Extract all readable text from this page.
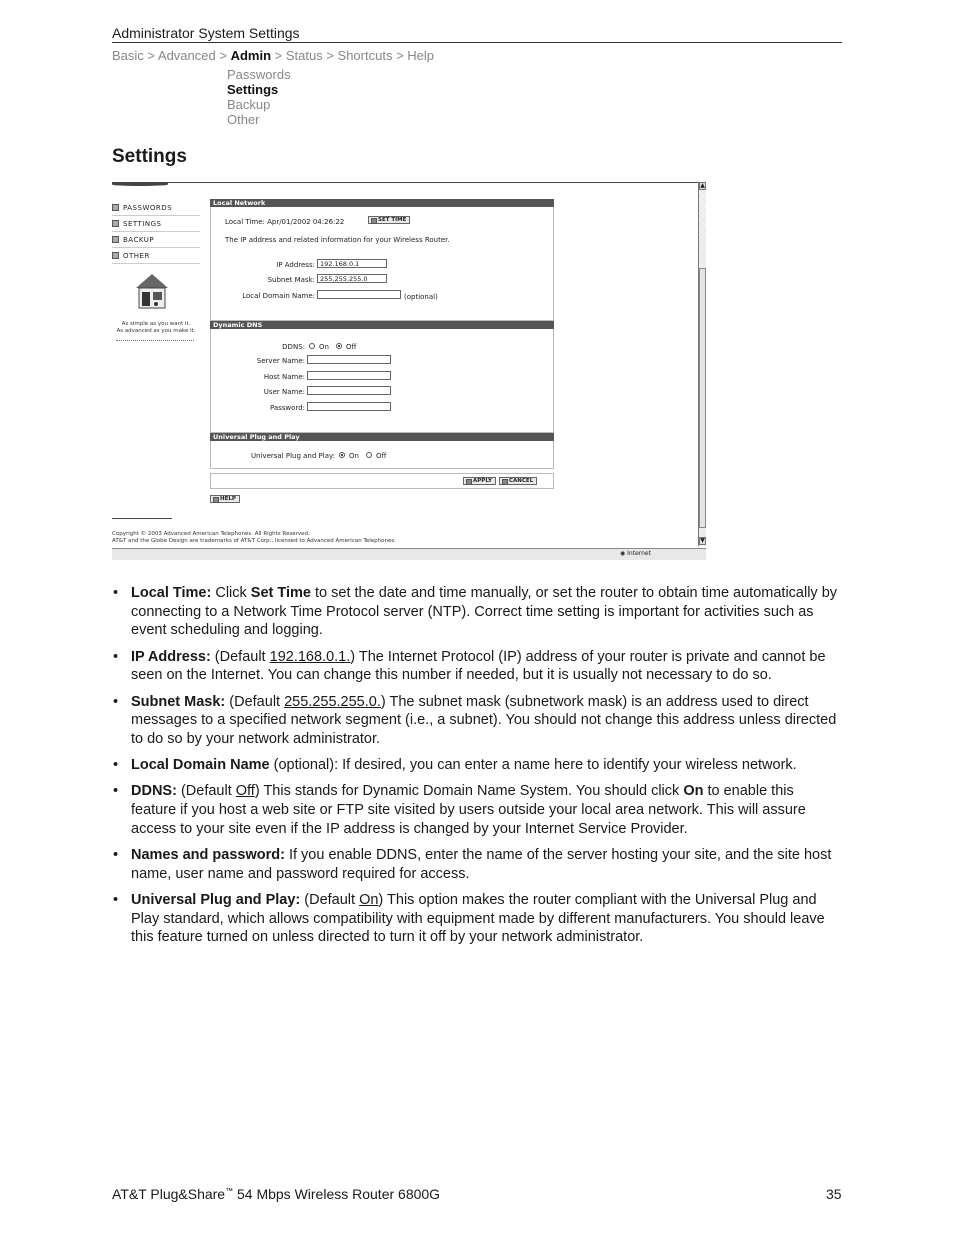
Administrator System Settings
Basic > Advanced > Admin > Status > Shortcuts > Help
Passwords
Settings
Backup
Other
Settings
PASSWORDS
SETTINGS
BACKUP
OTHER
As simple as you want it.
As advanced as you make it.
Local Network
Local Time: Apr/01/2002 04:26:22	SET TIME
The IP address and related information for your Wireless Router.
IP Address: 192.168.0.1
Subnet Mask: 255.255.255.0
Local Domain Name:	(optional)
Dynamic DNS
DDNS: On Off
Server Name:
Host Name:
User Name:
Password:
Universal Plug and Play
Universal Plug and Play: On Off
APPLY	CANCEL
HELP
Copyright © 2003 Advanced American Telephones. All Rights Reserved.
AT&T and the Globe Design are trademarks of AT&T Corp., licensed to Advanced American Telephones.
▲
▼
◉ Internet
• Local Time: Click Set Time to set the date and time manually, or set the router to obtain time automatically by connecting to a Network Time Protocol server (NTP). Correct time setting is important for activities such as event scheduling and logging.
• IP Address: (Default 192.168.0.1.) The Internet Protocol (IP) address of your router is private and cannot be seen on the Internet. You can change this number if needed, but it is usually not necessary to do so.
• Subnet Mask: (Default 255.255.255.0.) The subnet mask (subnetwork mask) is an address used to direct messages to a specified network segment (i.e., a subnet). You should not change this address unless directed to do so by your network administrator.
• Local Domain Name (optional): If desired, you can enter a name here to identify your wireless network.
• DDNS: (Default Off) This stands for Dynamic Domain Name System. You should click On to enable this feature if you host a web site or FTP site visited by users outside your local area network. This will assure access to your site even if the IP address is changed by your Internet Service Provider.
• Names and password: If you enable DDNS, enter the name of the server hosting your site, and the site host name, user name and password required for access.
• Universal Plug and Play: (Default On) This option makes the router compliant with the Universal Plug and Play standard, which allows compatibility with equipment made by different manufacturers. You should leave this feature turned on unless directed to turn it off by your network administrator.
AT&T Plug&Share™ 54 Mbps Wireless Router 6800G	35
